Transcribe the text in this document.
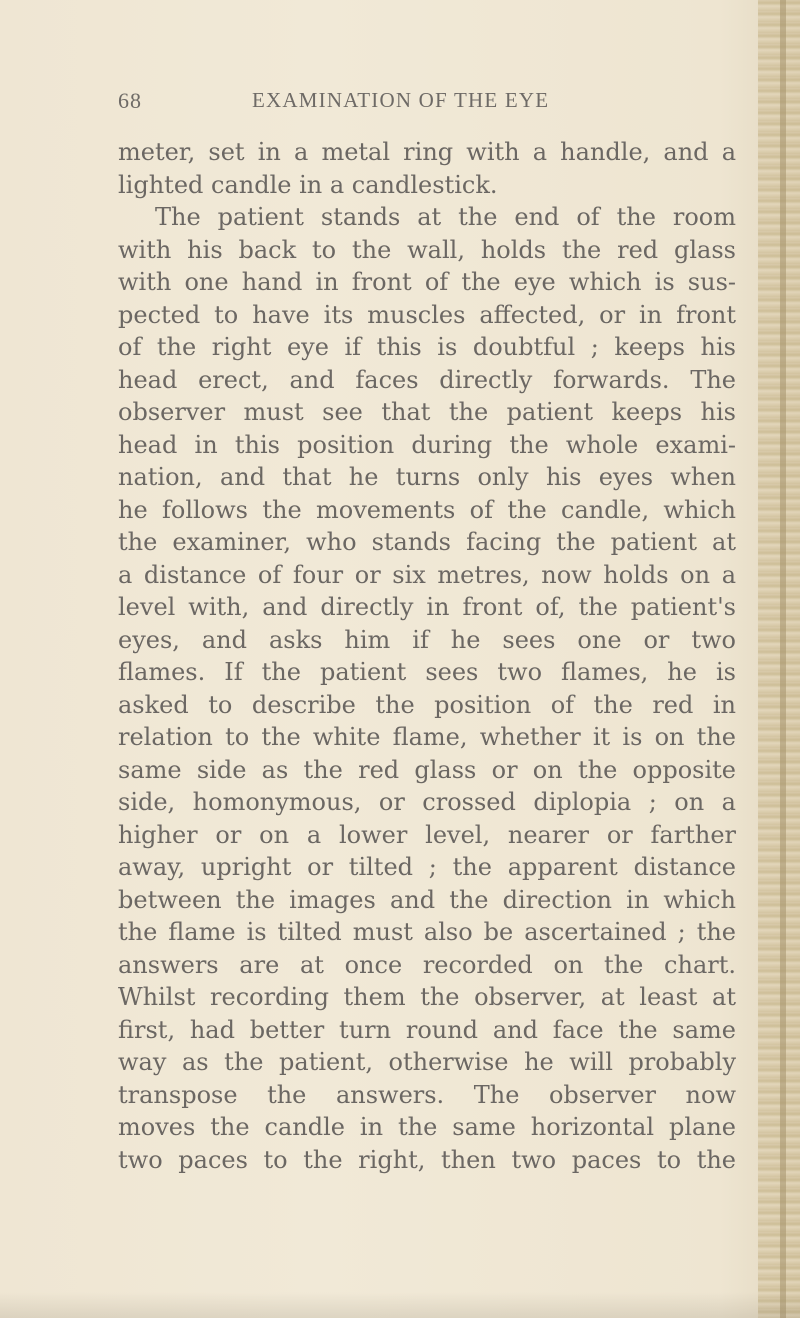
68	EXAMINATION OF THE EYE
meter, set in a metal ring with a handle, and a
lighted candle in a candlestick.
The patient stands at the end of the room
with his back to the wall, holds the red glass
with one hand in front of the eye which is sus-
pected to have its muscles affected, or in front
of the right eye if this is doubtful ; keeps his
head erect, and faces directly forwards. The
observer must see that the patient keeps his
head in this position during the whole exami-
nation, and that he turns only his eyes when
he follows the movements of the candle, which
the examiner, who stands facing the patient at
a distance of four or six metres, now holds on a
level with, and directly in front of, the patient's
eyes, and asks him if he sees one or two
flames. If the patient sees two flames, he is
asked to describe the position of the red in
relation to the white flame, whether it is on the
same side as the red glass or on the opposite
side, homonymous, or crossed diplopia ; on a
higher or on a lower level, nearer or farther
away, upright or tilted ; the apparent distance
between the images and the direction in which
the flame is tilted must also be ascertained ; the
answers are at once recorded on the chart.
Whilst recording them the observer, at least at
first, had better turn round and face the same
way as the patient, otherwise he will probably
transpose the answers. The observer now
moves the candle in the same horizontal plane
two paces to the right, then two paces to the
